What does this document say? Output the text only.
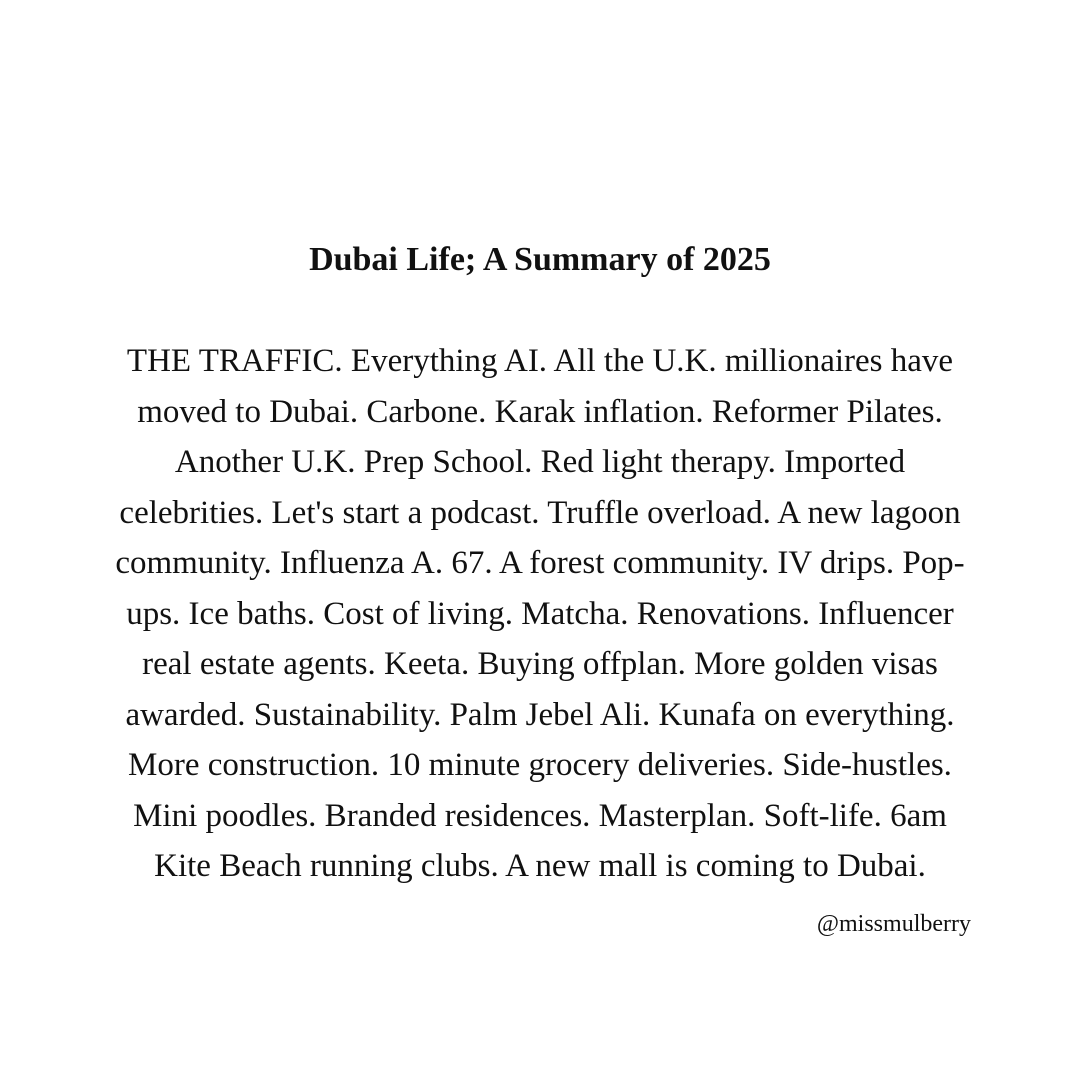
Dubai Life; A Summary of 2025
THE TRAFFIC. Everything AI. All the U.K. millionaires have
moved to Dubai. Carbone. Karak inflation. Reformer Pilates.
Another U.K. Prep School. Red light therapy. Imported
celebrities. Let's start a podcast. Truffle overload. A new lagoon
community. Influenza A. 67. A forest community. IV drips. Pop-
ups. Ice baths. Cost of living. Matcha. Renovations. Influencer
real estate agents. Keeta. Buying offplan. More golden visas
awarded. Sustainability. Palm Jebel Ali. Kunafa on everything.
More construction. 10 minute grocery deliveries. Side-hustles.
Mini poodles. Branded residences. Masterplan. Soft-life. 6am
Kite Beach running clubs. A new mall is coming to Dubai.

@missmulberry
